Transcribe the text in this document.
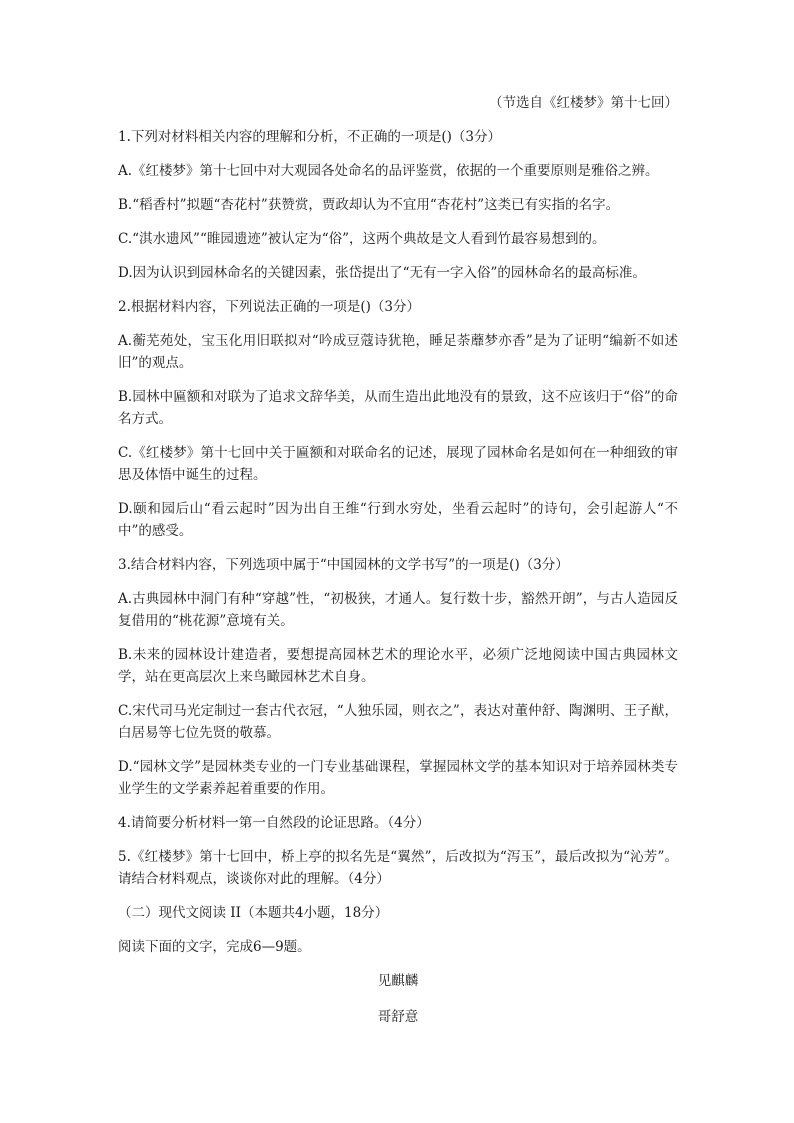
（节选自《红楼梦》第十七回）

1.下列对材料相关内容的理解和分析，不正确的一项是()（3分）

A.《红楼梦》第十七回中对大观园各处命名的品评鉴赏，依据的一个重要原则是雅俗之辨。

B.“稻香村”拟题“杏花村”获赞赏，贾政却认为不宜用“杏花村”这类已有实指的名字。

C.“淇水遗风”“睢园遗迹”被认定为“俗”，这两个典故是文人看到竹最容易想到的。

D.因为认识到园林命名的关键因素，张岱提出了“无有一字入俗”的园林命名的最高标准。

2.根据材料内容，下列说法正确的一项是()（3分）

A.蘅芜苑处，宝玉化用旧联拟对“吟成豆蔻诗犹艳，睡足荼蘼梦亦香”是为了证明“编新不如述旧”的观点。

B.园林中匾额和对联为了追求文辞华美，从而生造出此地没有的景致，这不应该归于“俗”的命名方式。

C.《红楼梦》第十七回中关于匾额和对联命名的记述，展现了园林命名是如何在一种细致的审思及体悟中诞生的过程。

D.颐和园后山“看云起时”因为出自王维“行到水穷处，坐看云起时”的诗句，会引起游人“不中”的感受。

3.结合材料内容，下列选项中属于“中国园林的文学书写”的一项是()（3分）

A.古典园林中洞门有种“穿越”性，“初极狭，才通人。复行数十步，豁然开朗”，与古人造园反复借用的“桃花源”意境有关。

B.未来的园林设计建造者，要想提高园林艺术的理论水平，必须广泛地阅读中国古典园林文学，站在更高层次上来鸟瞰园林艺术自身。

C.宋代司马光定制过一套古代衣冠，“人独乐园，则衣之”，表达对董仲舒、陶渊明、王子猷，白居易等七位先贤的敬慕。

D.“园林文学”是园林类专业的一门专业基础课程，掌握园林文学的基本知识对于培养园林类专业学生的文学素养起着重要的作用。

4.请简要分析材料一第一自然段的论证思路。（4分）

5.《红楼梦》第十七回中，桥上亭的拟名先是“翼然”，后改拟为“泻玉”，最后改拟为“沁芳”。请结合材料观点，谈谈你对此的理解。（4分）

（二）现代文阅读 II（本题共4小题，18分）

阅读下面的文字，完成6—9题。

见麒麟

哥舒意
